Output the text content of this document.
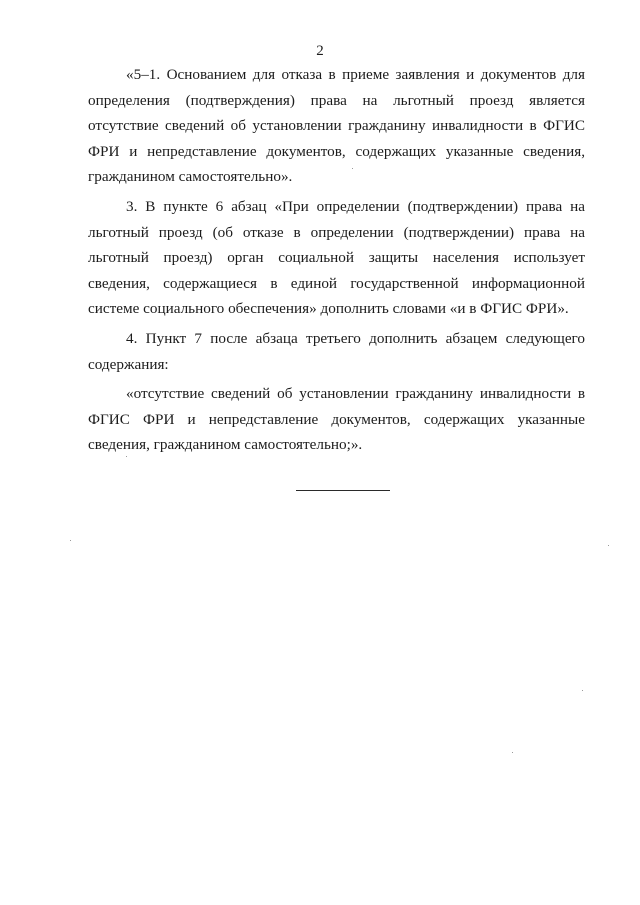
2

«5–1. Основанием для отказа в приеме заявления и документов для определения (подтверждения) права на льготный проезд является отсутствие сведений об установлении гражданину инвалидности в ФГИС ФРИ и непредставление документов, содержащих указанные сведения, гражданином самостоятельно».

3. В пункте 6 абзац «При определении (подтверждении) права на льготный проезд (об отказе в определении (подтверждении) права на льготный проезд) орган социальной защиты населения использует сведения, содержащиеся в единой государственной информационной системе социального обеспечения» дополнить словами «и в ФГИС ФРИ».

4. Пункт 7 после абзаца третьего дополнить абзацем следующего содержания:

«отсутствие сведений об установлении гражданину инвалидности в ФГИС ФРИ и непредставление документов, содержащих указанные сведения, гражданином самостоятельно;».
